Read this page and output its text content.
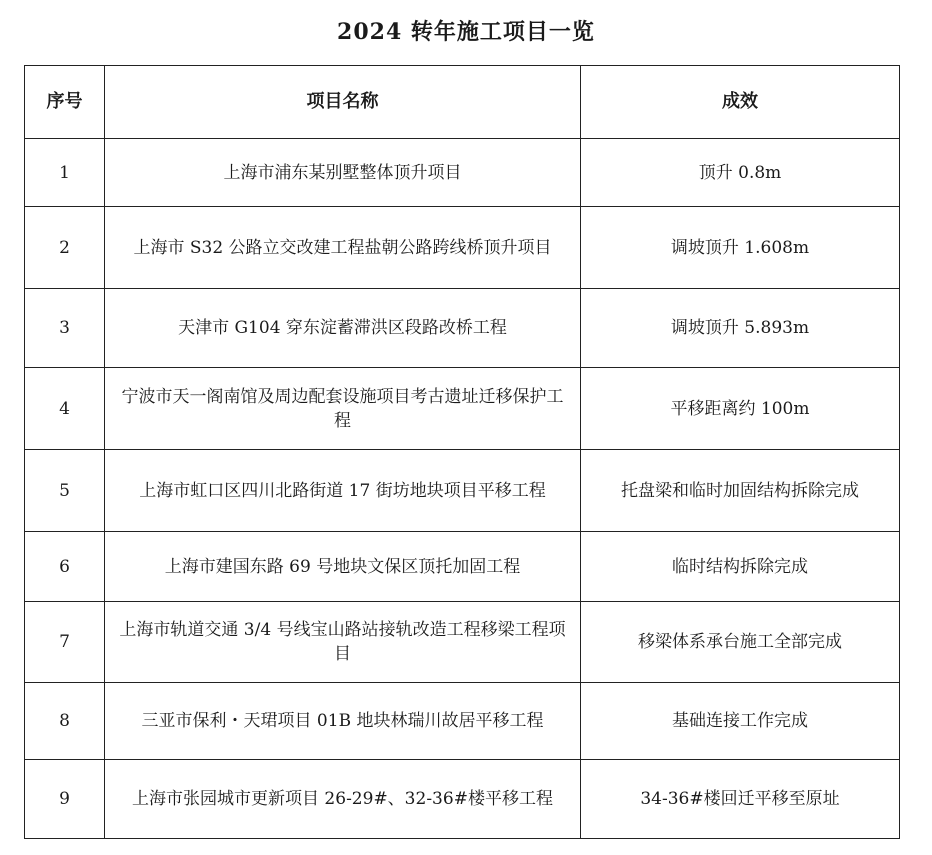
2024 转年施工项目一览
序号	项目名称	成效
1	上海市浦东某别墅整体顶升项目	顶升 0.8m
2	上海市 S32 公路立交改建工程盐朝公路跨线桥顶升项目	调坡顶升 1.608m
3	天津市 G104 穿东淀蓄滞洪区段路改桥工程	调坡顶升 5.893m
4	宁波市天一阁南馆及周边配套设施项目考古遗址迁移保护工程	平移距离约 100m
5	上海市虹口区四川北路街道 17 街坊地块项目平移工程	托盘梁和临时加固结构拆除完成
6	上海市建国东路 69 号地块文保区顶托加固工程	临时结构拆除完成
7	上海市轨道交通 3/4 号线宝山路站接轨改造工程移梁工程项目	移梁体系承台施工全部完成
8	三亚市保利・天珺项目 01B 地块林瑞川故居平移工程	基础连接工作完成
9	上海市张园城市更新项目 26-29#、32-36#楼平移工程	34-36#楼回迁平移至原址
